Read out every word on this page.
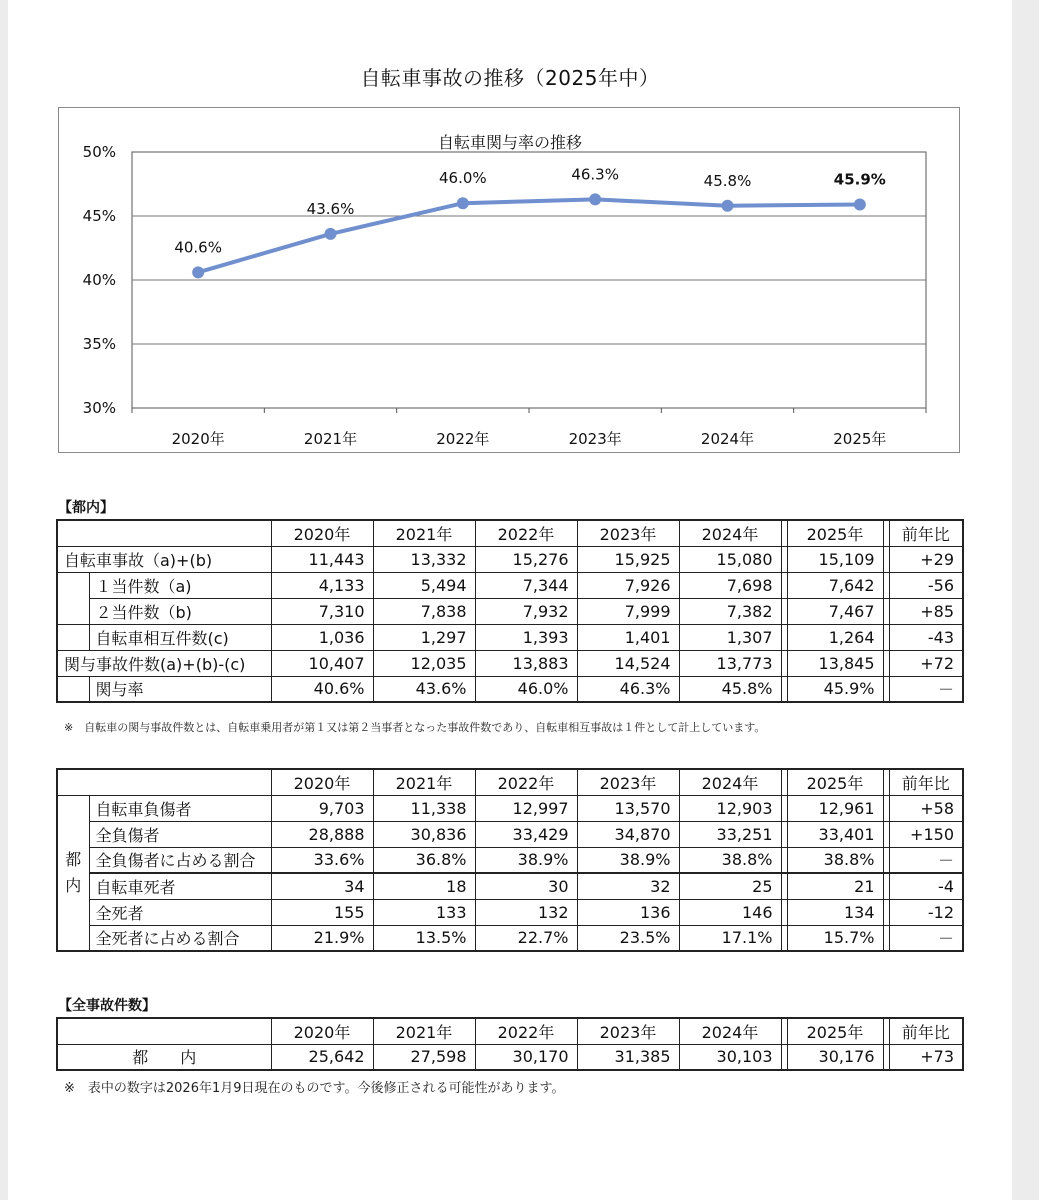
自転車事故の推移（2025年中）
自転車関与率の推移
30%
35%
40%
45%
50%
2020年	2021年	2022年	2023年	2024年	2025年
40.6%
43.6%
46.0%	46.3%	45.8%	45.9%
【都内】
		2020年	2021年	2022年	2023年	2024年		2025年		前年比
自転車事故（a)+(b)		11,443	13,332	15,276	15,925	15,080		15,109		+29
	１当件数（a)	4,133	5,494	7,344	7,926	7,698		7,642		-56
	２当件数（b)	7,310	7,838	7,932	7,999	7,382		7,467		+85
	自転車相互件数(c)	1,036	1,297	1,393	1,401	1,307		1,264		-43
関与事故件数(a)+(b)-(c)		10,407	12,035	13,883	14,524	13,773		13,845		+72
	関与率	40.6%	43.6%	46.0%	46.3%	45.8%		45.9%		－
※　自転車の関与事故件数とは、自転車乗用者が第１又は第２当事者となった事故件数であり、自転車相互事故は１件として計上しています。
		2020年	2021年	2022年	2023年	2024年		2025年		前年比
都内	自転車負傷者	9,703	11,338	12,997	13,570	12,903		12,961		+58
	全負傷者	28,888	30,836	33,429	34,870	33,251		33,401		+150
	全負傷者に占める割合	33.6%	36.8%	38.9%	38.9%	38.8%		38.8%		－
	自転車死者	34	18	30	32	25		21		-4
	全死者	155	133	132	136	146		134		-12
	全死者に占める割合	21.9%	13.5%	22.7%	23.5%	17.1%		15.7%		－
【全事故件数】
	2020年	2021年	2022年	2023年	2024年		2025年		前年比
都　　内	25,642	27,598	30,170	31,385	30,103		30,176		+73
※　表中の数字は2026年1月9日現在のものです。今後修正される可能性があります。
